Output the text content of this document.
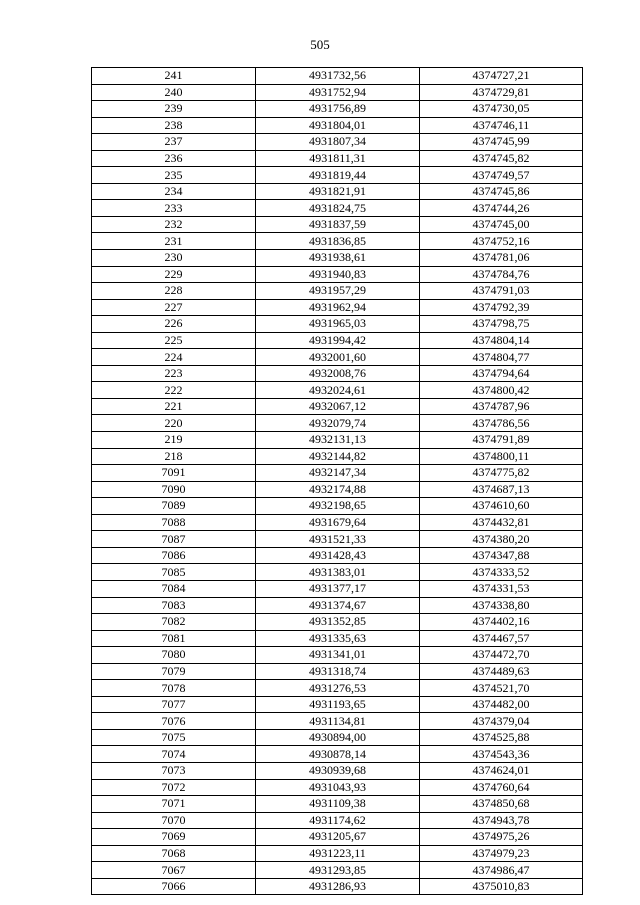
505
241	4931732,56	4374727,21
240	4931752,94	4374729,81
239	4931756,89	4374730,05
238	4931804,01	4374746,11
237	4931807,34	4374745,99
236	4931811,31	4374745,82
235	4931819,44	4374749,57
234	4931821,91	4374745,86
233	4931824,75	4374744,26
232	4931837,59	4374745,00
231	4931836,85	4374752,16
230	4931938,61	4374781,06
229	4931940,83	4374784,76
228	4931957,29	4374791,03
227	4931962,94	4374792,39
226	4931965,03	4374798,75
225	4931994,42	4374804,14
224	4932001,60	4374804,77
223	4932008,76	4374794,64
222	4932024,61	4374800,42
221	4932067,12	4374787,96
220	4932079,74	4374786,56
219	4932131,13	4374791,89
218	4932144,82	4374800,11
7091	4932147,34	4374775,82
7090	4932174,88	4374687,13
7089	4932198,65	4374610,60
7088	4931679,64	4374432,81
7087	4931521,33	4374380,20
7086	4931428,43	4374347,88
7085	4931383,01	4374333,52
7084	4931377,17	4374331,53
7083	4931374,67	4374338,80
7082	4931352,85	4374402,16
7081	4931335,63	4374467,57
7080	4931341,01	4374472,70
7079	4931318,74	4374489,63
7078	4931276,53	4374521,70
7077	4931193,65	4374482,00
7076	4931134,81	4374379,04
7075	4930894,00	4374525,88
7074	4930878,14	4374543,36
7073	4930939,68	4374624,01
7072	4931043,93	4374760,64
7071	4931109,38	4374850,68
7070	4931174,62	4374943,78
7069	4931205,67	4374975,26
7068	4931223,11	4374979,23
7067	4931293,85	4374986,47
7066	4931286,93	4375010,83
